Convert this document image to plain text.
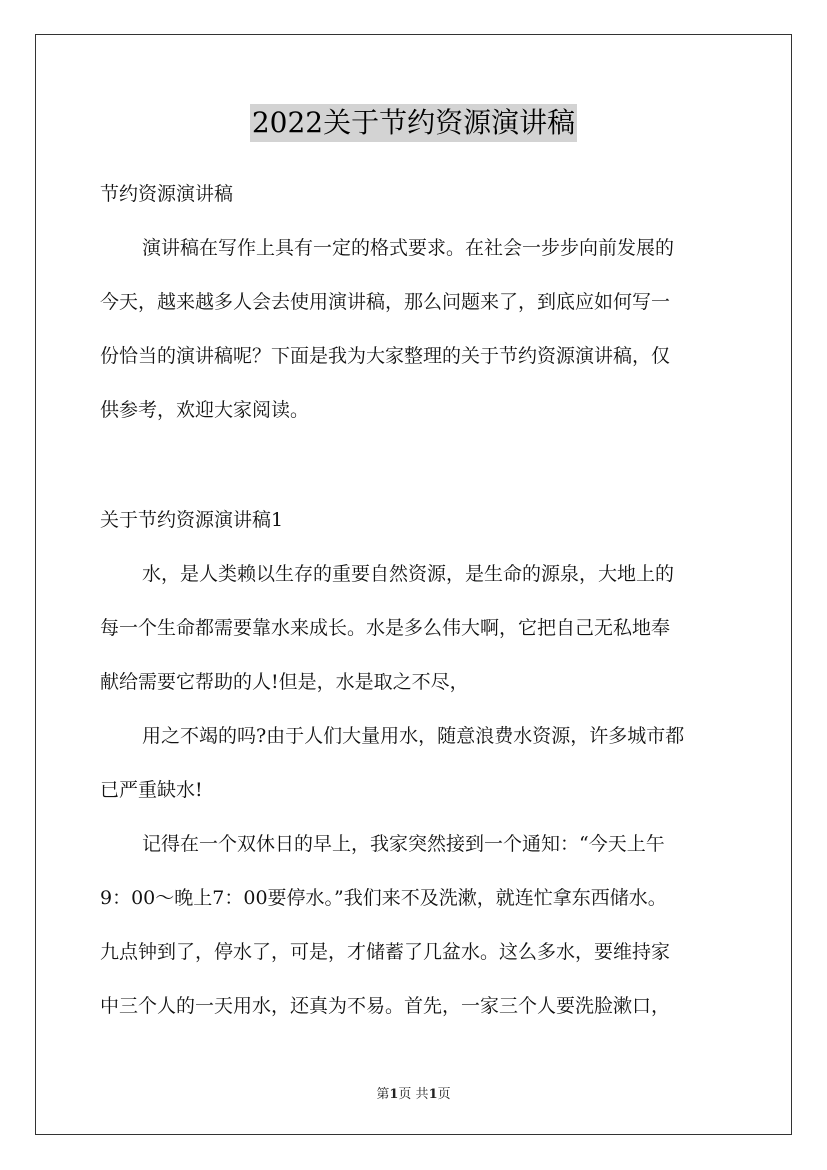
2022关于节约资源演讲稿
节约资源演讲稿
演讲稿在写作上具有一定的格式要求。在社会一步步向前发展的
今天，越来越多人会去使用演讲稿，那么问题来了，到底应如何写一
份恰当的演讲稿呢？下面是我为大家整理的关于节约资源演讲稿，仅
供参考，欢迎大家阅读。
关于节约资源演讲稿1
水，是人类赖以生存的重要自然资源，是生命的源泉，大地上的
每一个生命都需要靠水来成长。水是多么伟大啊，它把自己无私地奉
献给需要它帮助的人!但是，水是取之不尽，
用之不竭的吗?由于人们大量用水，随意浪费水资源，许多城市都
已严重缺水!
记得在一个双休日的早上，我家突然接到一个通知：“今天上午
9：00～晚上7：00要停水。”我们来不及洗漱，就连忙拿东西储水。
九点钟到了，停水了，可是，才储蓄了几盆水。这么多水，要维持家
中三个人的一天用水，还真为不易。首先，一家三个人要洗脸漱口，
第1页 共1页
